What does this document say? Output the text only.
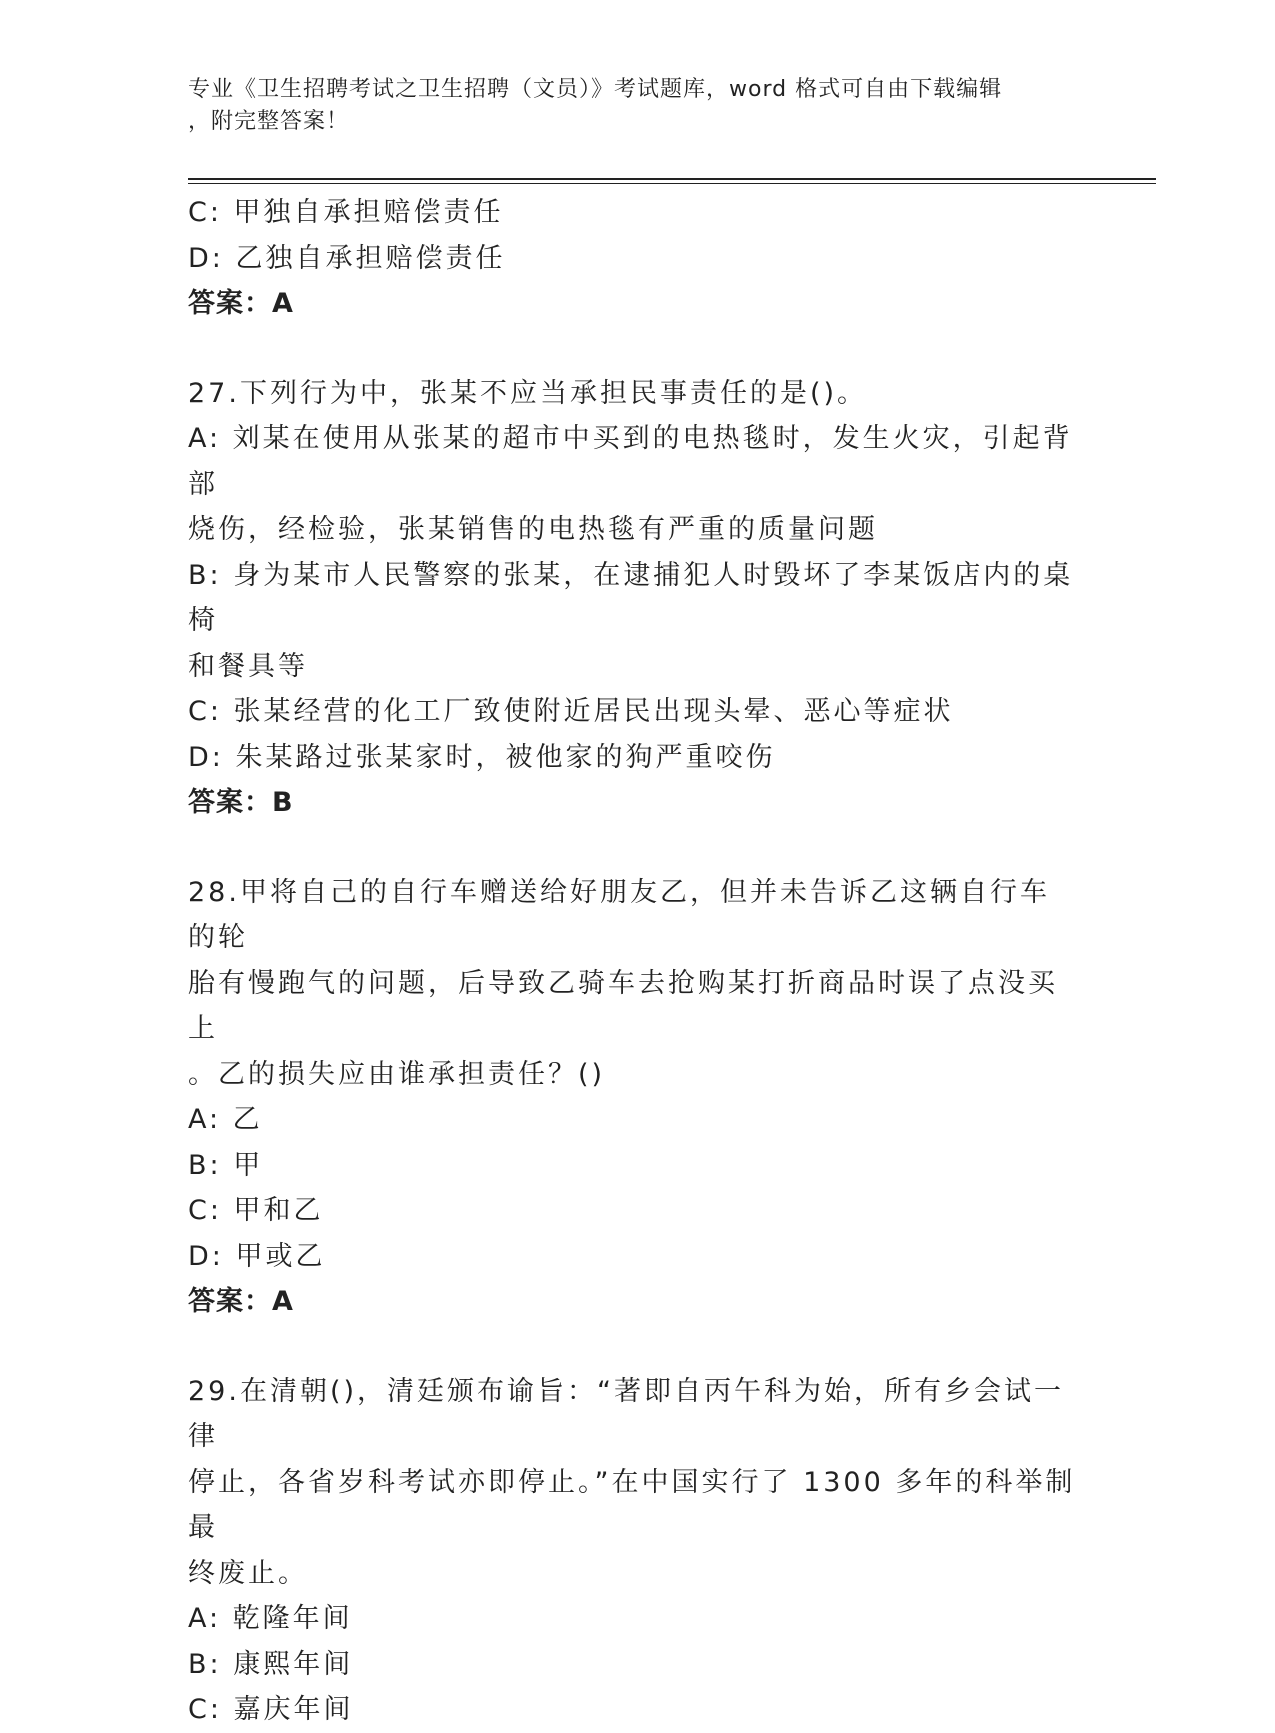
专业《卫生招聘考试之卫生招聘（文员）》考试题库，word 格式可自由下载编辑
，附完整答案！
C: 甲独自承担赔偿责任
D: 乙独自承担赔偿责任
答案：A
27.下列行为中，张某不应当承担民事责任的是()。
A: 刘某在使用从张某的超市中买到的电热毯时，发生火灾，引起背部
烧伤，经检验，张某销售的电热毯有严重的质量问题
B: 身为某市人民警察的张某，在逮捕犯人时毁坏了李某饭店内的桌椅
和餐具等
C: 张某经营的化工厂致使附近居民出现头晕、恶心等症状
D: 朱某路过张某家时，被他家的狗严重咬伤
答案：B
28.甲将自己的自行车赠送给好朋友乙，但并未告诉乙这辆自行车的轮
胎有慢跑气的问题，后导致乙骑车去抢购某打折商品时误了点没买上
。乙的损失应由谁承担责任？()
A: 乙
B: 甲
C: 甲和乙
D: 甲或乙
答案：A
29.在清朝()，清廷颁布谕旨：“著即自丙午科为始，所有乡会试一律
停止，各省岁科考试亦即停止。”在中国实行了 1300 多年的科举制最
终废止。
A: 乾隆年间
B: 康熙年间
C: 嘉庆年间
